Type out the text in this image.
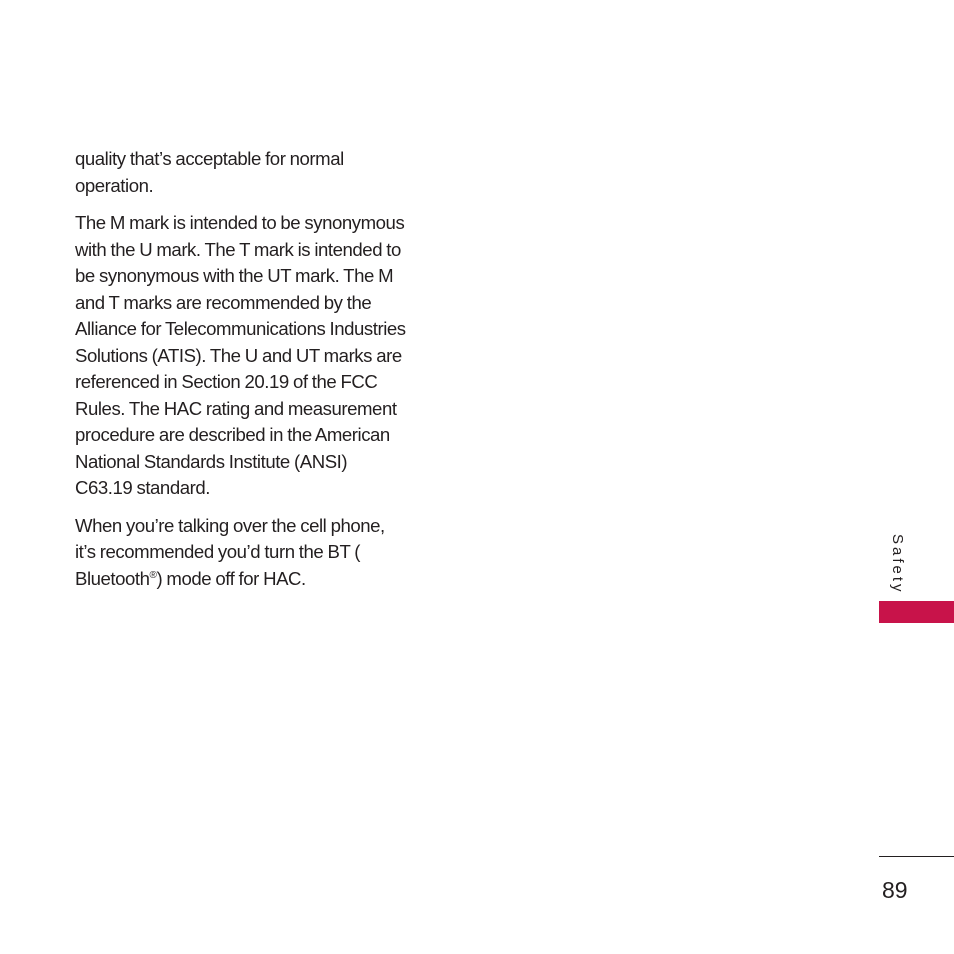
quality that’s acceptable for normal
operation.

The M mark is intended to be synonymous
with the U mark. The T mark is intended to
be synonymous with the UT mark. The M
and T marks are recommended by the
Alliance for Telecommunications Industries
Solutions (ATIS). The U and UT marks are
referenced in Section 20.19 of the FCC
Rules. The HAC rating and measurement
procedure are described in the American
National Standards Institute (ANSI)
C63.19 standard.

When you’re talking over the cell phone,
it’s recommended you’d turn the BT (
Bluetooth®) mode off for HAC.	Safety
89
